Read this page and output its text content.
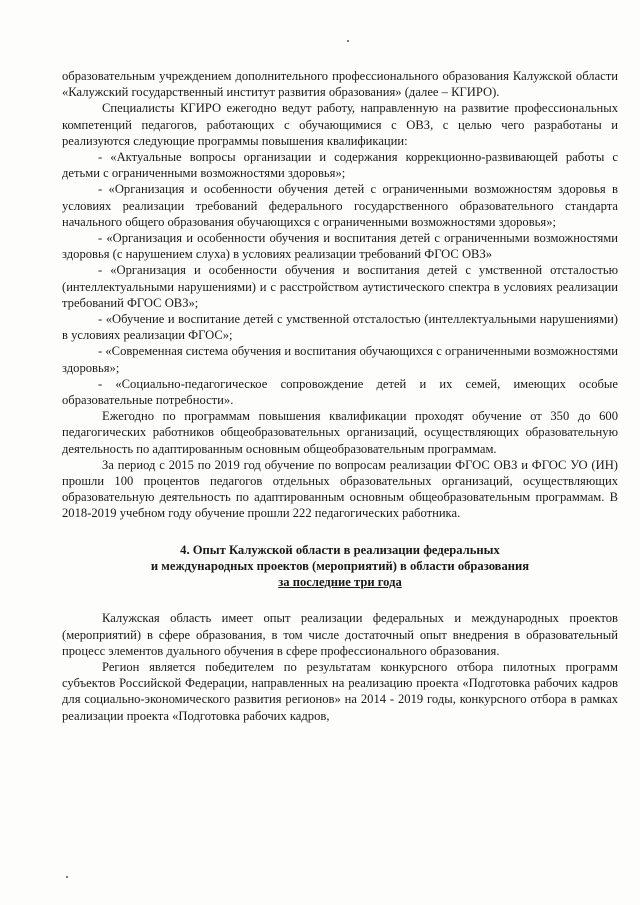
образовательным учреждением дополнительного профессионального образования Калужской области «Калужский государственный институт развития образования» (далее – КГИРО).

Специалисты КГИРО ежегодно ведут работу, направленную на развитие профессиональных компетенций педагогов, работающих с обучающимися с ОВЗ, с целью чего разработаны и реализуются следующие программы повышения квалификации:

- «Актуальные вопросы организации и содержания коррекционно-развивающей работы с детьми с ограниченными возможностями здоровья»;

- «Организация и особенности обучения детей с ограниченными возможностям здоровья в условиях реализации требований федерального государственного образовательного стандарта начального общего образования обучающихся с ограниченными возможностями здоровья»;

- «Организация и особенности обучения и воспитания детей с ограниченными возможностями здоровья (с нарушением слуха) в условиях реализации требований ФГОС ОВЗ»

- «Организация и особенности обучения и воспитания детей с умственной отсталостью (интеллектуальными нарушениями) и с расстройством аутистического спектра в условиях реализации требований ФГОС ОВЗ»;

- «Обучение и воспитание детей с умственной отсталостью (интеллектуальными нарушениями) в условиях реализации ФГОС»;

- «Современная система обучения и воспитания обучающихся с ограниченными возможностями здоровья»;

- «Социально-педагогическое сопровождение детей и их семей, имеющих особые образовательные потребности».

Ежегодно по программам повышения квалификации проходят обучение от 350 до 600 педагогических работников общеобразовательных организаций, осуществляющих образовательную деятельность по адаптированным основным общеобразовательным программам.

За период с 2015 по 2019 год обучение по вопросам реализации ФГОС ОВЗ и ФГОС УО (ИН) прошли 100 процентов педагогов отдельных образовательных организаций, осуществляющих образовательную деятельность по адаптированным основным общеобразовательным программам. В 2018-2019 учебном году обучение прошли 222 педагогических работника.

4. Опыт Калужской области в реализации федеральных
и международных проектов (мероприятий) в области образования
за последние три года

Калужская область имеет опыт реализации федеральных и международных проектов (мероприятий) в сфере образования, в том числе достаточный опыт внедрения в образовательный процесс элементов дуального обучения в сфере профессионального образования.

Регион является победителем по результатам конкурсного отбора пилотных программ субъектов Российской Федерации, направленных на реализацию проекта «Подготовка рабочих кадров для социально-экономического развития регионов» на 2014 - 2019 годы, конкурсного отбора в рамках реализации проекта «Подготовка рабочих кадров,
